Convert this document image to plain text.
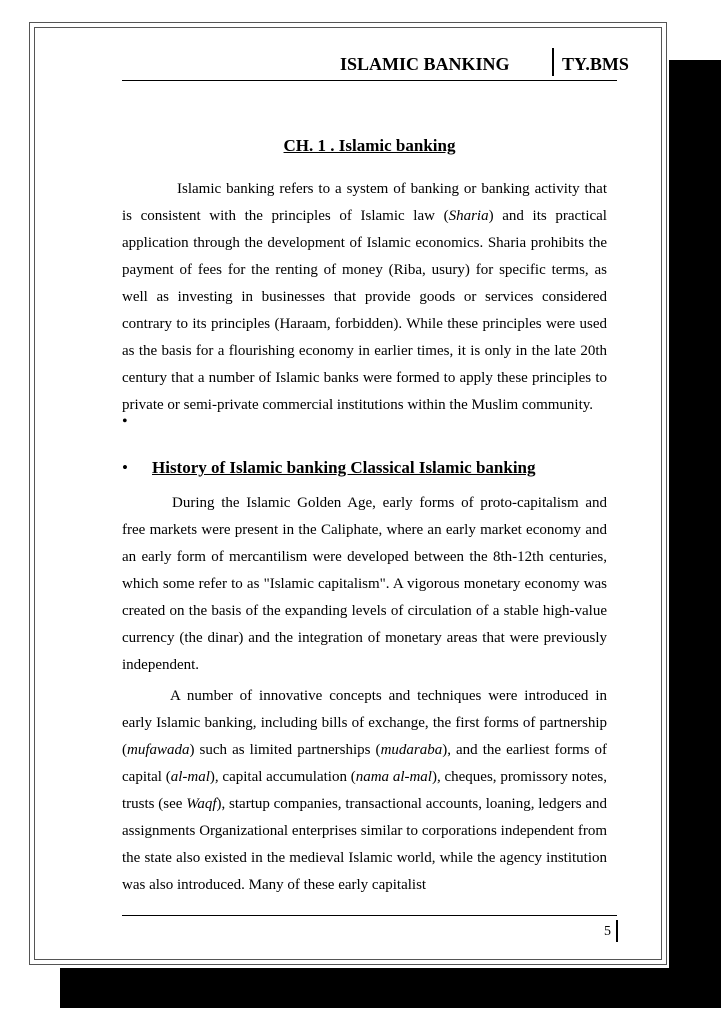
ISLAMIC BANKING	TY.BMS
CH. 1 . Islamic banking

Islamic banking refers to a system of banking or banking activity that is consistent with the principles of Islamic law (Sharia) and its practical application through the development of Islamic economics. Sharia prohibits the payment of fees for the renting of money (Riba, usury) for specific terms, as well as investing in businesses that provide goods or services considered contrary to its principles (Haraam, forbidden). While these principles were used as the basis for a flourishing economy in earlier times, it is only in the late 20th century that a number of Islamic banks were formed to apply these principles to private or semi-private commercial institutions within the Muslim community.

•
• History of Islamic banking Classical Islamic banking

During the Islamic Golden Age, early forms of proto-capitalism and free markets were present in the Caliphate, where an early market economy and an early form of mercantilism were developed between the 8th-12th centuries, which some refer to as "Islamic capitalism". A vigorous monetary economy was created on the basis of the expanding levels of circulation of a stable high-value currency (the dinar) and the integration of monetary areas that were previously independent.

A number of innovative concepts and techniques were introduced in early Islamic banking, including bills of exchange, the first forms of partnership (mufawada) such as limited partnerships (mudaraba), and the earliest forms of capital (al-mal), capital accumulation (nama al-mal), cheques, promissory notes, trusts (see Waqf), startup companies, transactional accounts, loaning, ledgers and assignments Organizational enterprises similar to corporations independent from the state also existed in the medieval Islamic world, while the agency institution was also introduced. Many of these early capitalist

5
